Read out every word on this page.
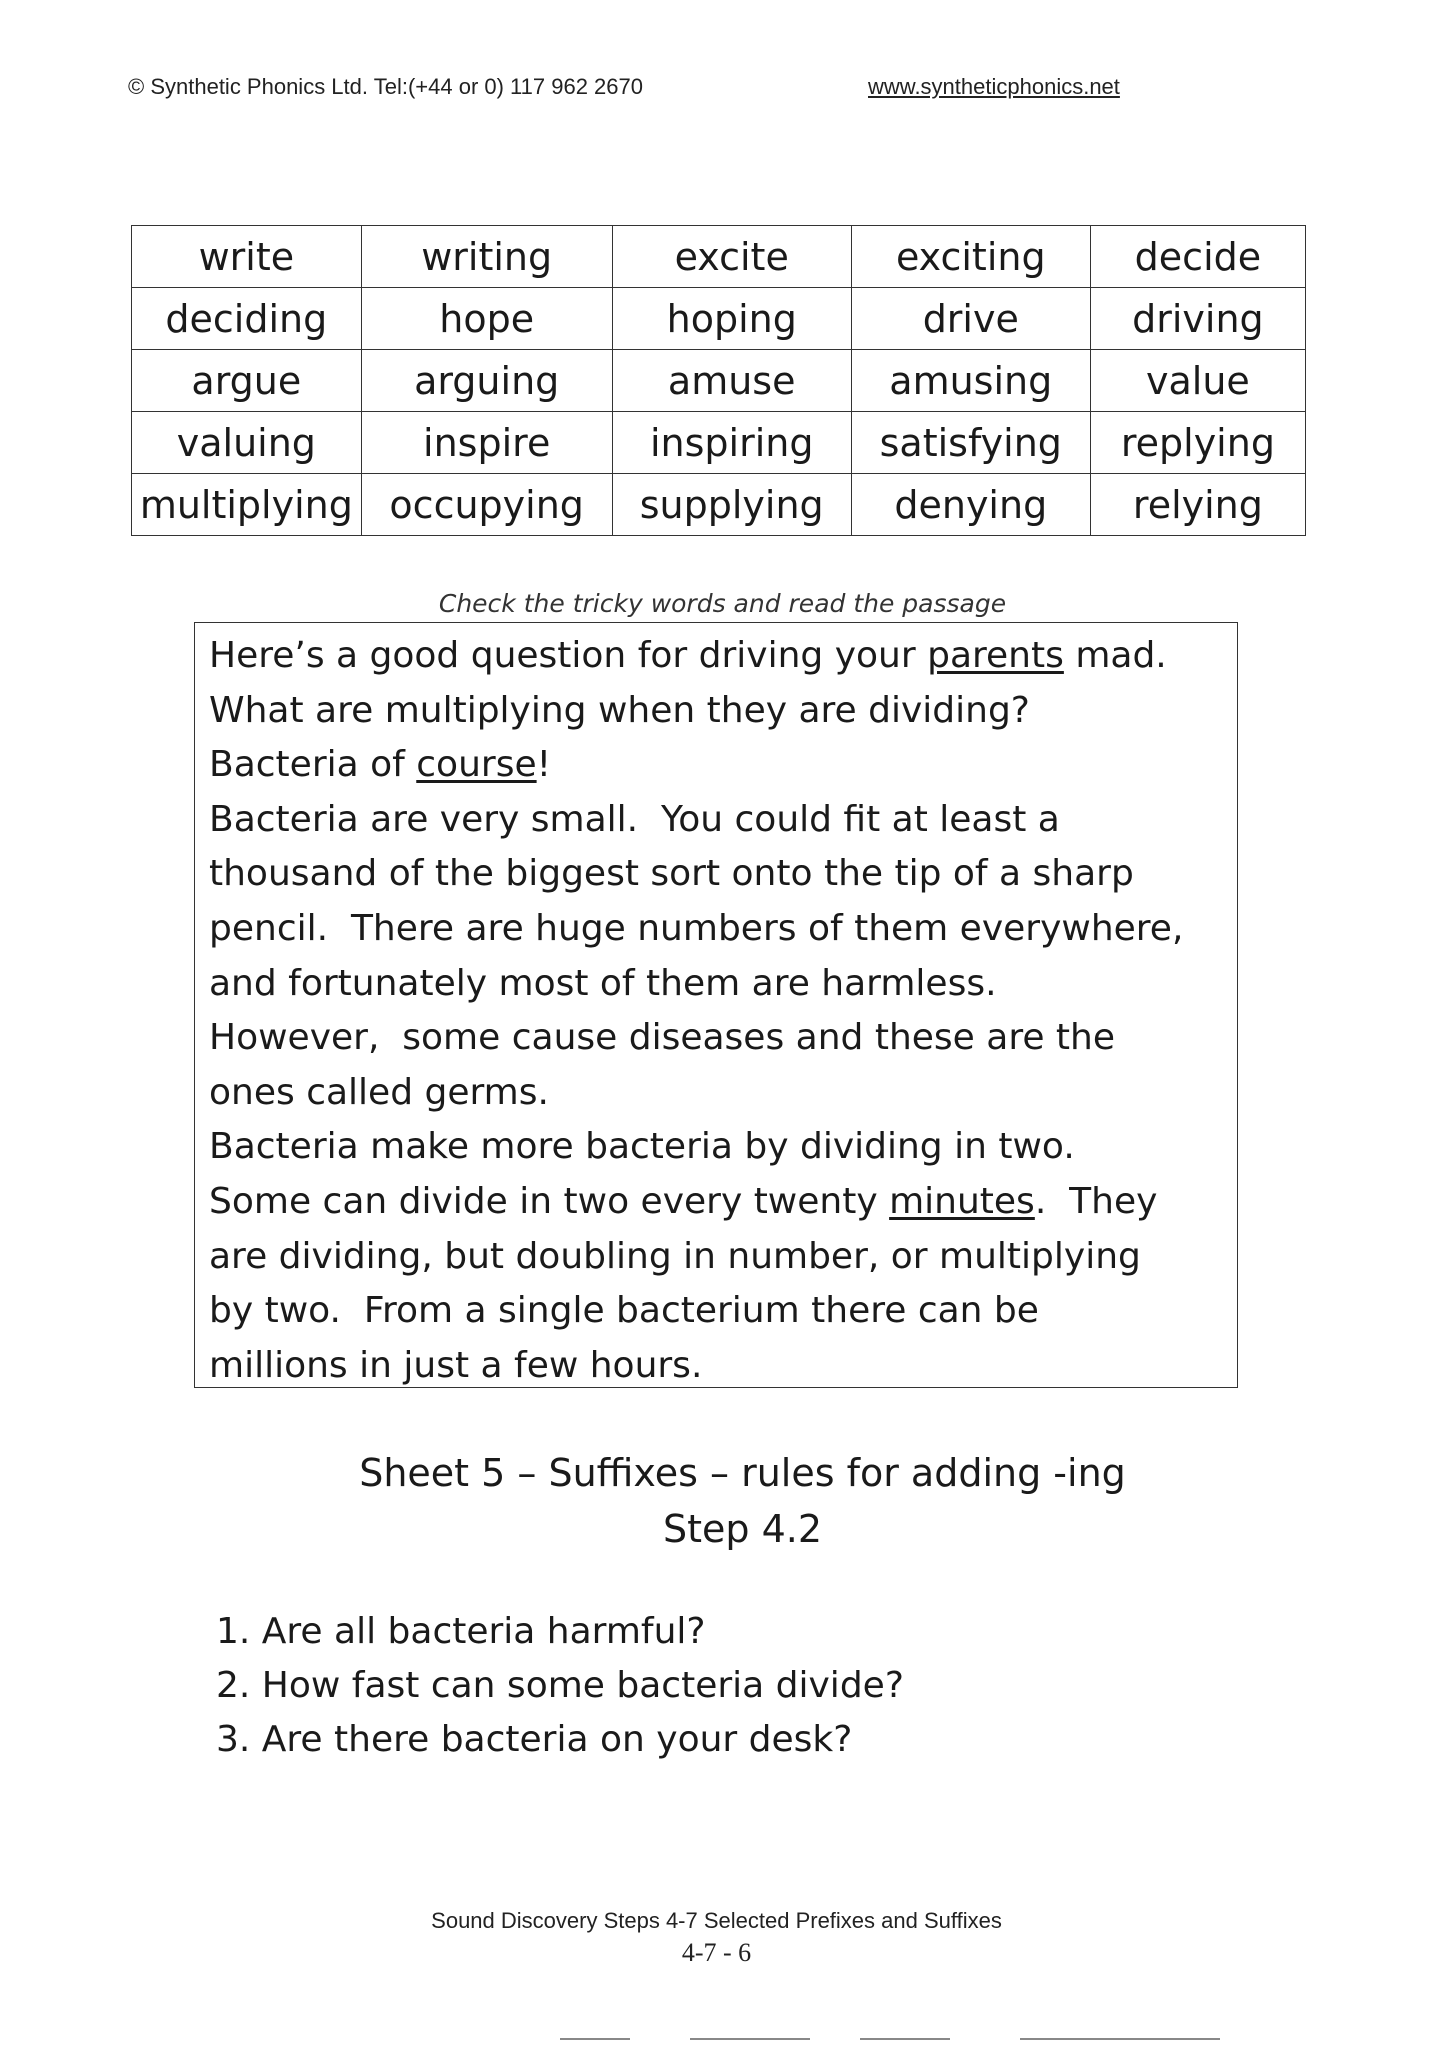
© Synthetic Phonics Ltd. Tel:(+44 or 0) 117 962 2670	www.syntheticphonics.net
write	writing	excite	exciting	decide
deciding	hope	hoping	drive	driving
argue	arguing	amuse	amusing	value
valuing	inspire	inspiring	satisfying	replying
multiplying	occupying	supplying	denying	relying
Check the tricky words and read the passage

Here’s a good question for driving your parents mad.

What are multiplying when they are dividing?

Bacteria of course!

Bacteria are very small.  You could fit at least a

thousand of the biggest sort onto the tip of a sharp

pencil.  There are huge numbers of them everywhere,

and fortunately most of them are harmless.

However,  some cause diseases and these are the

ones called germs.

Bacteria make more bacteria by dividing in two.

Some can divide in two every twenty minutes.  They

are dividing, but doubling in number, or multiplying

by two.  From a single bacterium there can be

millions in just a few hours.

Sheet 5 – Suffixes – rules for adding -ing
Step 4.2
1. Are all bacteria harmful?
2. How fast can some bacteria divide?
3. Are there bacteria on your desk?
Sound Discovery Steps 4-7 Selected Prefixes and Suffixes
4-7 - 6
